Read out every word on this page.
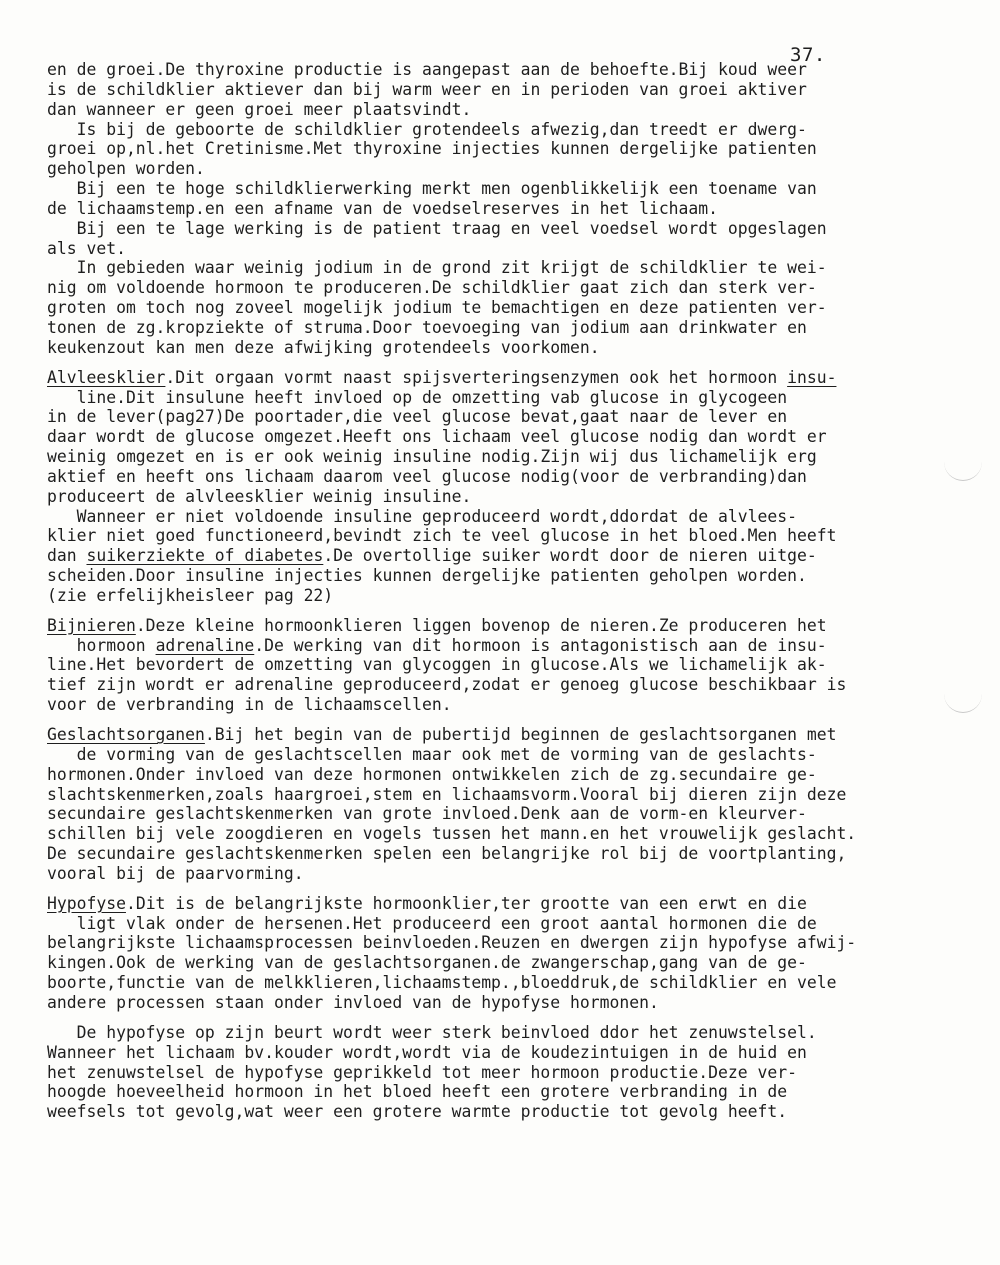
37.
en de groei.De thyroxine productie is aangepast aan de behoefte.Bij koud weer
is de schildklier aktiever dan bij warm weer en in perioden van groei aktiver
dan wanneer er geen groei meer plaatsvindt.
Is bij de geboorte de schildklier grotendeels afwezig,dan treedt er dwerg-
groei op,nl.het Cretinisme.Met thyroxine injecties kunnen dergelijke patienten
geholpen worden.
Bij een te hoge schildklierwerking merkt men ogenblikkelijk een toename van
de lichaamstemp.en een afname van de voedselreserves in het lichaam.
Bij een te lage werking is de patient traag en veel voedsel wordt opgeslagen
als vet.
In gebieden waar weinig jodium in de grond zit krijgt de schildklier te wei-
nig om voldoende hormoon te produceren.De schildklier gaat zich dan sterk ver-
groten om toch nog zoveel mogelijk jodium te bemachtigen en deze patienten ver-
tonen de zg.kropziekte of struma.Door toevoeging van jodium aan drinkwater en
keukenzout kan men deze afwijking grotendeels voorkomen.
Alvleesklier.Dit orgaan vormt naast spijsverteringsenzymen ook het hormoon insu-
line.Dit insulune heeft invloed op de omzetting vab glucose in glycogeen
in de lever(pag27)De poortader,die veel glucose bevat,gaat naar de lever en
daar wordt de glucose omgezet.Heeft ons lichaam veel glucose nodig dan wordt er
weinig omgezet en is er ook weinig insuline nodig.Zijn wij dus lichamelijk erg
aktief en heeft ons lichaam daarom veel glucose nodig(voor de verbranding)dan
produceert de alvleesklier weinig insuline.
Wanneer er niet voldoende insuline geproduceerd wordt,ddordat de alvlees-
klier niet goed functioneerd,bevindt zich te veel glucose in het bloed.Men heeft
dan suikerziekte of diabetes.De overtollige suiker wordt door de nieren uitge-
scheiden.Door insuline injecties kunnen dergelijke patienten geholpen worden.
(zie erfelijkheisleer pag 22)
Bijnieren.Deze kleine hormoonklieren liggen bovenop de nieren.Ze produceren het
hormoon adrenaline.De werking van dit hormoon is antagonistisch aan de insu-
line.Het bevordert de omzetting van glycoggen in glucose.Als we lichamelijk ak-
tief zijn wordt er adrenaline geproduceerd,zodat er genoeg glucose beschikbaar is
voor de verbranding in de lichaamscellen.
Geslachtsorganen.Bij het begin van de pubertijd beginnen de geslachtsorganen met
de vorming van de geslachtscellen maar ook met de vorming van de geslachts-
hormonen.Onder invloed van deze hormonen ontwikkelen zich de zg.secundaire ge-
slachtskenmerken,zoals haargroei,stem en lichaamsvorm.Vooral bij dieren zijn deze
secundaire geslachtskenmerken van grote invloed.Denk aan de vorm-en kleurver-
schillen bij vele zoogdieren en vogels tussen het mann.en het vrouwelijk geslacht.
De secundaire geslachtskenmerken spelen een belangrijke rol bij de voortplanting,
vooral bij de paarvorming.
Hypofyse.Dit is de belangrijkste hormoonklier,ter grootte van een erwt en die
ligt vlak onder de hersenen.Het produceerd een groot aantal hormonen die de
belangrijkste lichaamsprocessen beinvloeden.Reuzen en dwergen zijn hypofyse afwij-
kingen.Ook de werking van de geslachtsorganen.de zwangerschap,gang van de ge-
boorte,functie van de melkklieren,lichaamstemp.,bloeddruk,de schildklier en vele
andere processen staan onder invloed van de hypofyse hormonen.
De hypofyse op zijn beurt wordt weer sterk beinvloed ddor het zenuwstelsel.
Wanneer het lichaam bv.kouder wordt,wordt via de koudezintuigen in de huid en
het zenuwstelsel de hypofyse geprikkeld tot meer hormoon productie.Deze ver-
hoogde hoeveelheid hormoon in het bloed heeft een grotere verbranding in de
weefsels tot gevolg,wat weer een grotere warmte productie tot gevolg heeft.
